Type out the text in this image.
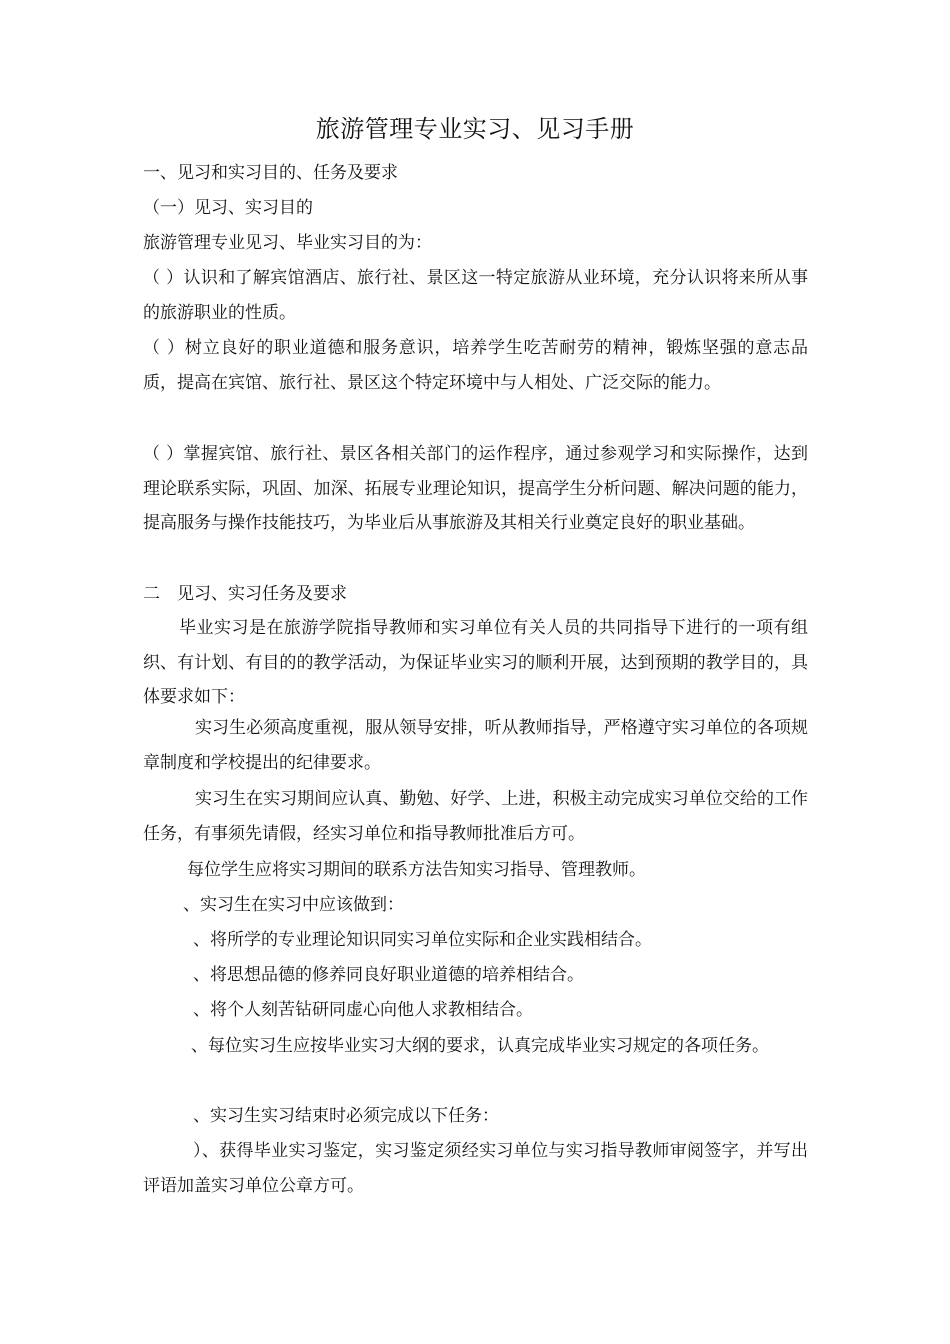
旅游管理专业实习、见习手册
一、见习和实习目的、任务及要求
（一）见习、实习目的
旅游管理专业见习、毕业实习目的为：
（ ）认识和了解宾馆酒店、旅行社、景区这一特定旅游从业环境，充分认识将来所从事的旅游职业的性质。
（ ）树立良好的职业道德和服务意识，培养学生吃苦耐劳的精神，锻炼坚强的意志品质，提高在宾馆、旅行社、景区这个特定环境中与人相处、广泛交际的能力。
（ ）掌握宾馆、旅行社、景区各相关部门的运作程序，通过参观学习和实际操作，达到理论联系实际，巩固、加深、拓展专业理论知识，提高学生分析问题、解决问题的能力，提高服务与操作技能技巧，为毕业后从事旅游及其相关行业奠定良好的职业基础。
二　见习、实习任务及要求
毕业实习是在旅游学院指导教师和实习单位有关人员的共同指导下进行的一项有组织、有计划、有目的的教学活动，为保证毕业实习的顺利开展，达到预期的教学目的，具体要求如下：
实习生必须高度重视，服从领导安排，听从教师指导，严格遵守实习单位的各项规章制度和学校提出的纪律要求。
实习生在实习期间应认真、勤勉、好学、上进，积极主动完成实习单位交给的工作任务，有事须先请假，经实习单位和指导教师批准后方可。
每位学生应将实习期间的联系方法告知实习指导、管理教师。
、实习生在实习中应该做到：
、将所学的专业理论知识同实习单位实际和企业实践相结合。
、将思想品德的修养同良好职业道德的培养相结合。
、将个人刻苦钻研同虚心向他人求教相结合。
、每位实习生应按毕业实习大纲的要求，认真完成毕业实习规定的各项任务。
、实习生实习结束时必须完成以下任务：
）、获得毕业实习鉴定，实习鉴定须经实习单位与实习指导教师审阅签字，并写出评语加盖实习单位公章方可。
